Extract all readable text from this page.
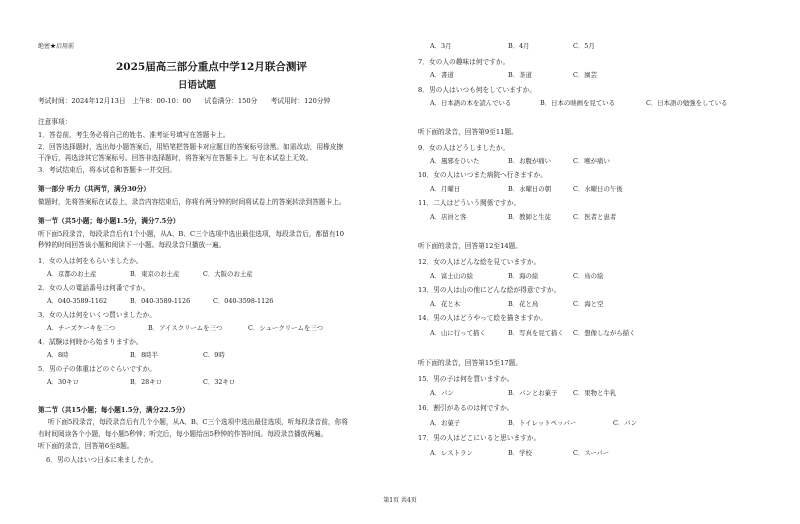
绝密★启用前
2025届高三部分重点中学12月联合测评
日语试题
考试时间：2024年12月13日　上午8：00-10：00　　试卷满分：150分　　考试用时：120分钟
注意事项：
1．答卷前，考生务必将自己的姓名、准考证号填写在答题卡上。
2．回答选择题时，选出每小题答案后，用铅笔把答题卡对应题目的答案标号涂黑。如需改动，用橡皮擦
干净后，再选涂其它答案标号。回答非选择题时，将答案写在答题卡上。写在本试卷上无效。
3．考试结束后，将本试卷和答题卡一并交回。
第一部分 听力（共两节，满分30分）
做题时，先将答案标在试卷上，录音内容结束后，你将有两分钟的时间将试卷上的答案转涂到答题卡上。
第一节（共5小题；每小题1.5分，满分7.5分）
听下面5段录音，每段录音后有1个小题，从A、B、C三个选项中选出最佳选项，每段录音后，都留有10
秒钟的时间回答该小题和阅读下一小题。每段录音只播放一遍。
1．女の人は何をもらいましたか。
A．京都のお土産	B．東京のお土産	C．大阪のお土産
2．女の人の電話番号は何番ですか。
A．040-3589-1162	B．040-3589-1126	C．040-3598-1126
3．女の人は何をいくつ買いましたか。
A．チーズケーキを二つ	B．アイスクリームを三つ	C．シュークリームを三つ
4．試験は何時から始まりますか。
A．8時	B．8時半	C．9時
5．男の子の体重はどのぐらいですか。
A．30キロ	B．28キロ	C．32キロ
第二节（共15小题；每小题1.5分，满分22.5分）
听下面5段录音，每段录音后有几个小题，从A、B、C三个选项中选出最佳选项，听每段录音前，你将
有时间阅读各个小题，每小题5秒钟；听完后，每小题给出5秒钟的作答时间。每段录音播放两遍。
听下面的录音，回答第6至8题。
6．男の人はいつ日本に来ましたか。
A．3月	B．4月	C．5月
7．女の人の趣味は何ですか。
A．書道	B．茶道	C．園芸
8．男の人はいつも何をしていますか。
A．日本語の本を読んでいる	B．日本の映画を見ている	C．日本語の勉強をしている
听下面的录音，回答第9至11题。
9．女の人はどうしましたか。
A．風邪をひいた	B．お腹が痛い	C．喉が痛い
10．女の人はいつまた病院へ行きますか。
A．月曜日	B．水曜日の朝	C．水曜日の午後
11．二人はどういう関係ですか。
A．店員と客	B．教師と生徒	C．医者と患者
听下面的录音，回答第12至14题。
12．女の人はどんな絵を見ていますか。
A．富士山の絵	B．海の絵	C．鳥の絵
13．男の人は山の他にどんな絵が得意ですか。
A．花と木	B．花と鳥	C．海と空
14．男の人はどうやって絵を描きますか。
A．山に行って描く	B．写真を見て描く C．想像しながら描く
听下面的录音，回答第15至17题。
15．男の子は何を買いますか。
A．パン	B．パンとお菓子 C．果物と牛乳
16．割引があるのは何ですか。
A．お菓子	B．トイレットペッパー	C．パン
17．男の人はどこにいると思いますか。
A．レストラン	B．学校	C．スーパー
第1页 共4页
